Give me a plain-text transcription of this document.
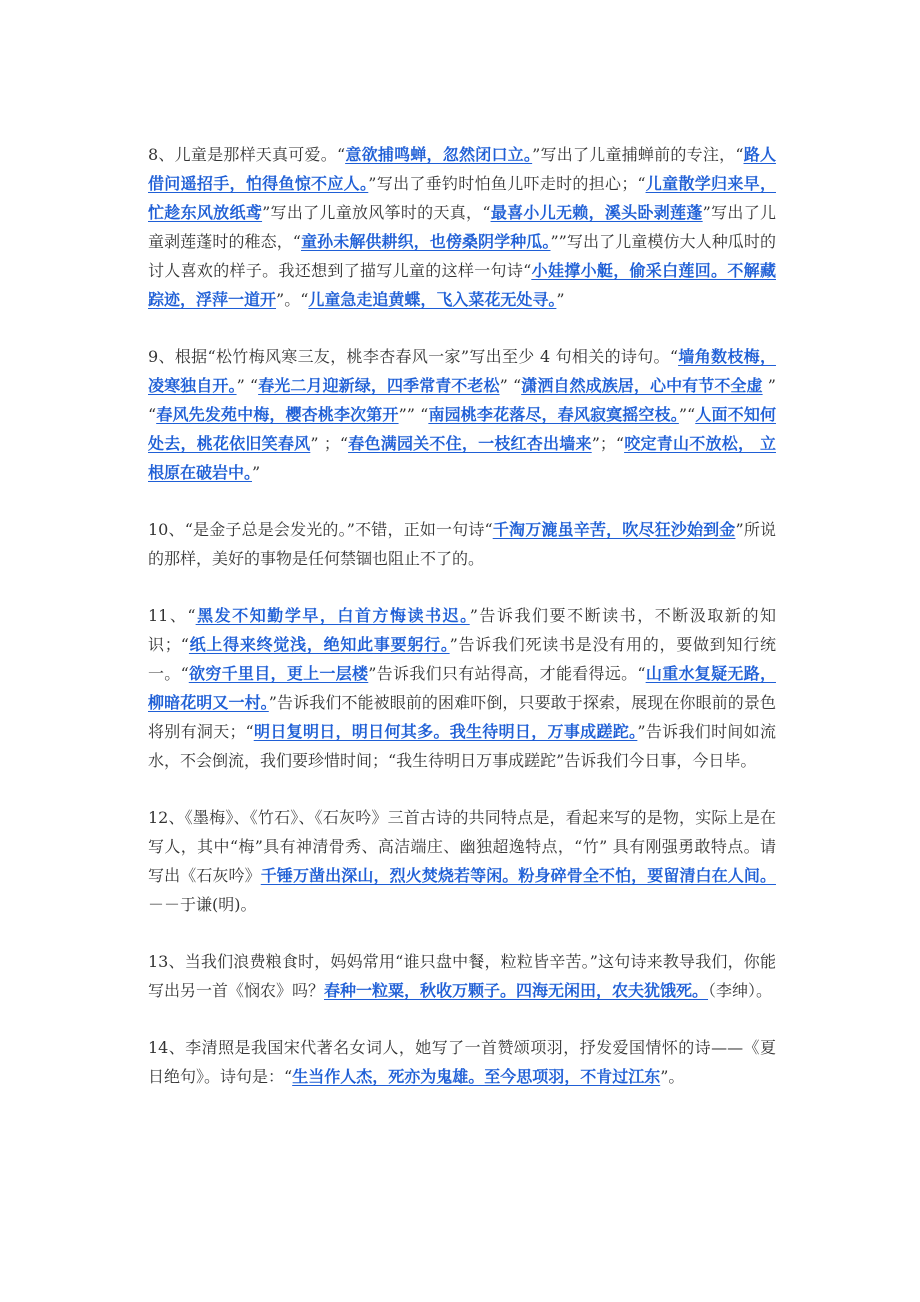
8、儿童是那样天真可爱。“意欲捕鸣蝉，忽然闭口立。”写出了儿童捕蝉前的专注，“路人借问遥招手，怕得鱼惊不应人。”写出了垂钓时怕鱼儿吓走时的担心；“儿童散学归来早，忙趁东风放纸鸢”写出了儿童放风筝时的天真，“最喜小儿无赖，溪头卧剥莲蓬”写出了儿童剥莲蓬时的稚态，“童孙未解供耕织，也傍桑阴学种瓜。””写出了儿童模仿大人种瓜时的讨人喜欢的样子。我还想到了描写儿童的这样一句诗“小娃撑小艇，偷采白莲回。不解藏踪迹，浮萍一道开”。“儿童急走追黄蝶，飞入菜花无处寻。”

9、根据“松竹梅风寒三友，桃李杏春风一家”写出至少 4 句相关的诗句。“墙角数枝梅，凌寒独自开。” “春光二月迎新绿，四季常青不老松” “潇洒自然成族居，心中有节不全虚 ” “春风先发苑中梅，樱杏桃李次第开”” “南园桃李花落尽，春风寂寞摇空枝。”“人面不知何处去，桃花依旧笑春风” ；“春色满园关不住，一枝红杏出墙来”；“咬定青山不放松， 立根原在破岩中。”

10、“是金子总是会发光的。”不错，正如一句诗“千淘万漉虽辛苦，吹尽狂沙始到金”所说的那样，美好的事物是任何禁锢也阻止不了的。

11、“黑发不知勤学早，白首方悔读书迟。”告诉我们要不断读书，不断汲取新的知识；“纸上得来终觉浅，绝知此事要躬行。”告诉我们死读书是没有用的，要做到知行统一。“欲穷千里目，更上一层楼”告诉我们只有站得高，才能看得远。“山重水复疑无路，柳暗花明又一村。”告诉我们不能被眼前的困难吓倒，只要敢于探索，展现在你眼前的景色将别有洞天；“明日复明日，明日何其多。我生待明日，万事成蹉跎。”告诉我们时间如流水，不会倒流，我们要珍惜时间；“我生待明日万事成蹉跎”告诉我们今日事，今日毕。

12、《墨梅》、《竹石》、《石灰吟》三首古诗的共同特点是，看起来写的是物，实际上是在写人，其中“梅”具有神清骨秀、高洁端庄、幽独超逸特点，“竹” 具有刚强勇敢特点。请写出《石灰吟》千锤万凿出深山，烈火焚烧若等闲。粉身碎骨全不怕，要留清白在人间。－－于谦(明)。

13、当我们浪费粮食时，妈妈常用“谁只盘中餐，粒粒皆辛苦。”这句诗来教导我们，你能写出另一首《悯农》吗？春种一粒粟，秋收万颗子。四海无闲田，农夫犹饿死。（李绅）。

14、李清照是我国宋代著名女词人，她写了一首赞颂项羽，抒发爱国情怀的诗——《夏日绝句》。诗句是：“生当作人杰，死亦为鬼雄。至今思项羽，不肯过江东”。
